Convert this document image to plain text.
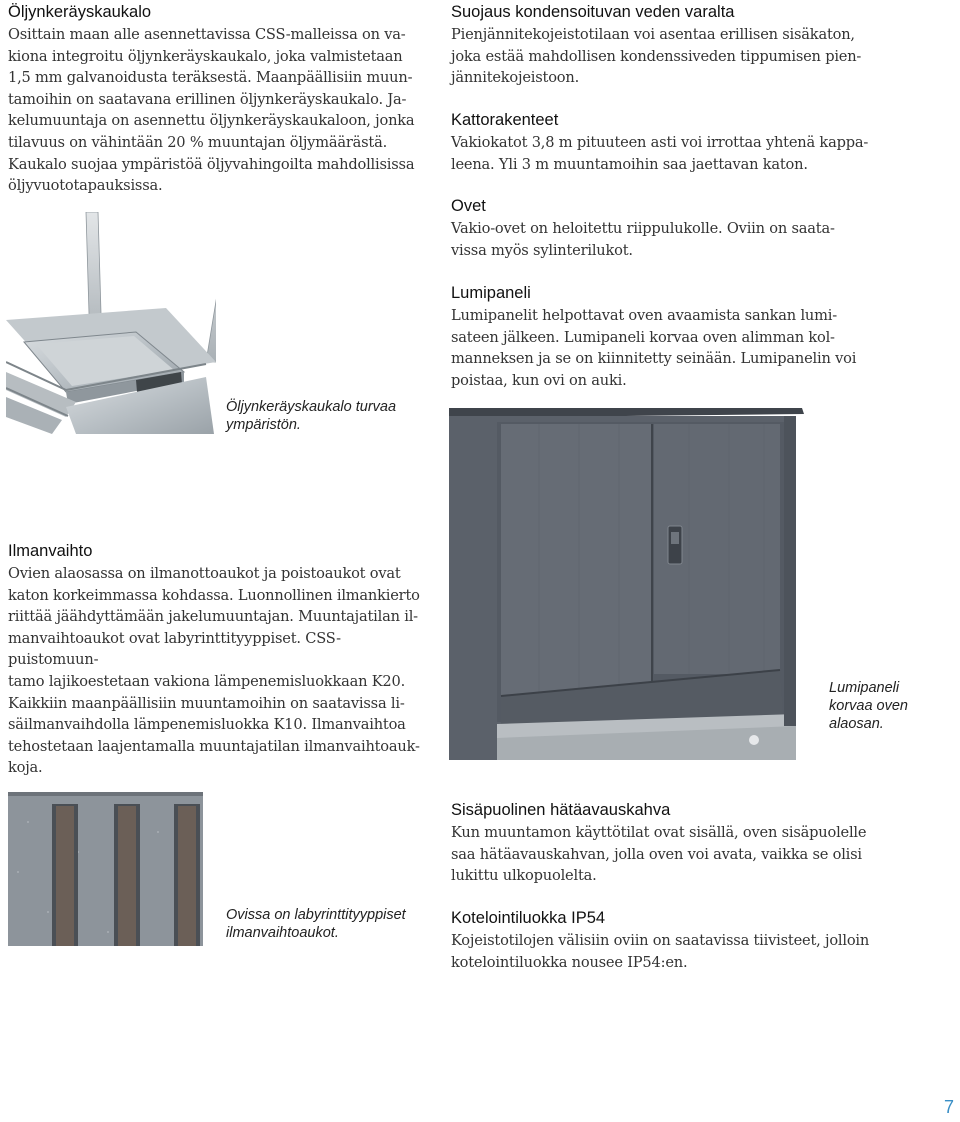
Öljynkeräyskaukalo
Osittain maan alle asennettavissa CSS-malleissa on va-
kiona integroitu öljynkeräyskaukalo, joka valmistetaan
1,5 mm galvanoidusta teräksestä. Maanpäällisiin muun-
tamoihin on saatavana erillinen öljynkeräyskaukalo. Ja-
kelumuuntaja on asennettu öljynkeräyskaukaloon, jonka
tilavuus on vähintään 20 % muuntajan öljymäärästä.
Kaukalo suojaa ympäristöä öljyvahingoilta mahdollisissa
öljyvuototapauksissa.
Öljynkeräyskaukalo turvaa
ympäristön.
Suojaus kondensoituvan veden varalta
Pienjännitekojeistotilaan voi asentaa erillisen sisäkaton,
joka estää mahdollisen kondenssiveden tippumisen pien-
jännitekojeistoon.
Kattorakenteet
Vakiokatot 3,8 m pituuteen asti voi irrottaa yhtenä kappa-
leena. Yli 3 m muuntamoihin saa jaettavan katon.
Ovet
Vakio-ovet on heloitettu riippulukolle. Oviin on saata-
vissa myös sylinterilukot.
Lumipaneli
Lumipanelit helpottavat oven avaamista sankan lumi-
sateen jälkeen. Lumipaneli korvaa oven alimman kol-
manneksen ja se on kiinnitetty seinään. Lumipanelin voi
poistaa, kun ovi on auki.
Lumipaneli
korvaa oven
alaosan.
Ilmanvaihto
Ovien alaosassa on ilmanottoaukot ja poistoaukot ovat
katon korkeimmassa kohdassa. Luonnollinen ilmankierto
riittää jäähdyttämään jakelumuuntajan. Muuntajatilan il-
manvaihtoaukot ovat labyrinttityyppiset. CSS-puistomuun-
tamo lajikoestetaan vakiona lämpenemisluokkaan K20.
Kaikkiin maanpäällisiin muuntamoihin on saatavissa li-
säilmanvaihdolla lämpenemisluokka K10. Ilmanvaihtoa
tehostetaan laajentamalla muuntajatilan ilmanvaihtoauk-
koja.
Ovissa on labyrinttityyppiset
ilmanvaihtoaukot.
Sisäpuolinen hätäavauskahva
Kun muuntamon käyttötilat ovat sisällä, oven sisäpuolelle
saa hätäavauskahvan, jolla oven voi avata, vaikka se olisi
lukittu ulkopuolelta.
Kotelointiluokka IP54
Kojeistotilojen välisiin oviin on saatavissa tiivisteet, jolloin
kotelointiluokka nousee IP54:en.
7
